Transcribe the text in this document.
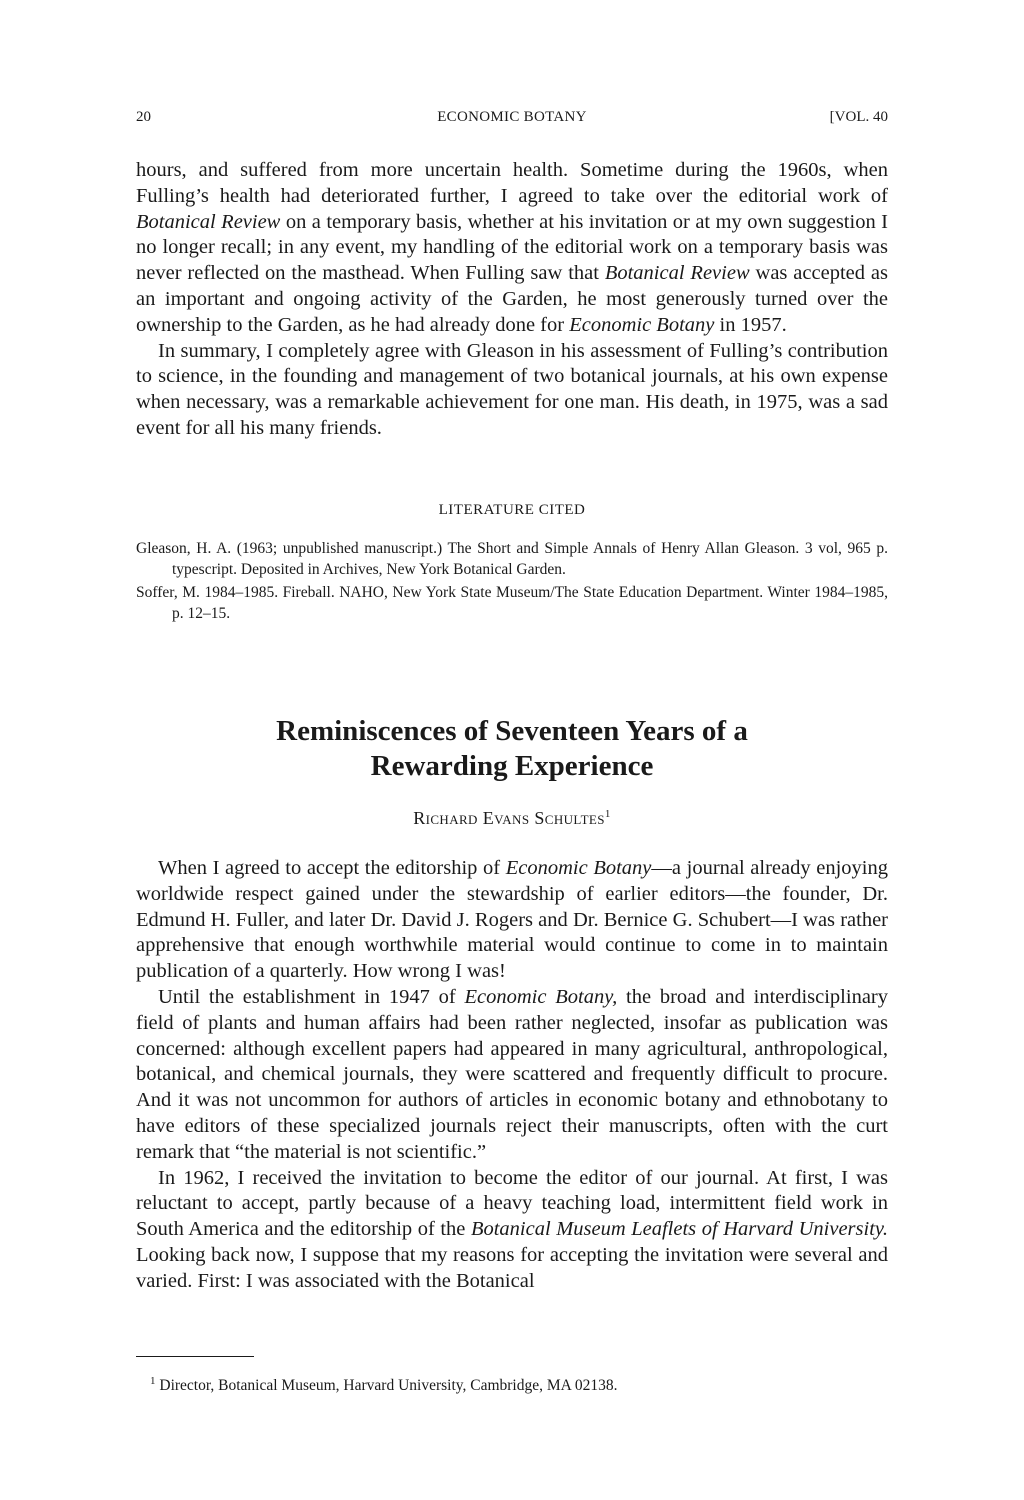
20	ECONOMIC BOTANY	[VOL. 40

hours, and suffered from more uncertain health. Sometime during the 1960s, when Fulling’s health had deteriorated further, I agreed to take over the editorial work of Botanical Review on a temporary basis, whether at his invitation or at my own suggestion I no longer recall; in any event, my handling of the editorial work on a temporary basis was never reflected on the masthead. When Fulling saw that Botanical Review was accepted as an important and ongoing activity of the Garden, he most generously turned over the ownership to the Garden, as he had already done for Economic Botany in 1957.

In summary, I completely agree with Gleason in his assessment of Fulling’s contribution to science, in the founding and management of two botanical journals, at his own expense when necessary, was a remarkable achievement for one man. His death, in 1975, was a sad event for all his many friends.

LITERATURE CITED

Gleason, H. A. (1963; unpublished manuscript.) The Short and Simple Annals of Henry Allan Gleason. 3 vol, 965 p. typescript. Deposited in Archives, New York Botanical Garden.

Soffer, M. 1984–1985. Fireball. NAHO, New York State Museum/The State Education Department. Winter 1984–1985, p. 12–15.

Reminiscences of Seventeen Years of a
Rewarding Experience
Richard Evans Schultes$^1$

When I agreed to accept the editorship of Economic Botany—a journal already enjoying worldwide respect gained under the stewardship of earlier editors—the founder, Dr. Edmund H. Fuller, and later Dr. David J. Rogers and Dr. Bernice G. Schubert—I was rather apprehensive that enough worthwhile material would continue to come in to maintain publication of a quarterly. How wrong I was!

Until the establishment in 1947 of Economic Botany, the broad and interdisciplinary field of plants and human affairs had been rather neglected, insofar as publication was concerned: although excellent papers had appeared in many agricultural, anthropological, botanical, and chemical journals, they were scattered and frequently difficult to procure. And it was not uncommon for authors of articles in economic botany and ethnobotany to have editors of these specialized journals reject their manuscripts, often with the curt remark that “the material is not scientific.”

In 1962, I received the invitation to become the editor of our journal. At first, I was reluctant to accept, partly because of a heavy teaching load, intermittent field work in South America and the editorship of the Botanical Museum Leaflets of Harvard University. Looking back now, I suppose that my reasons for accepting the invitation were several and varied. First: I was associated with the Botanical

$^1$ Director, Botanical Museum, Harvard University, Cambridge, MA 02138.
